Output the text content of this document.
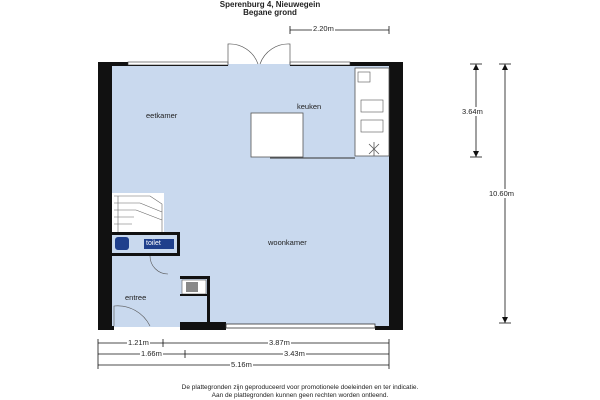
Sperenburg 4, Nieuwegein
Begane grond
eetkamer
keuken
woonkamer
toilet
entree
2.20m
3.64m
10.60m
1.21m	3.87m
1.66m	3.43m
5.16m
De plattegronden zijn geproduceerd voor promotionele doeleinden en ter indicatie.
Aan de plattegronden kunnen geen rechten worden ontleend.
